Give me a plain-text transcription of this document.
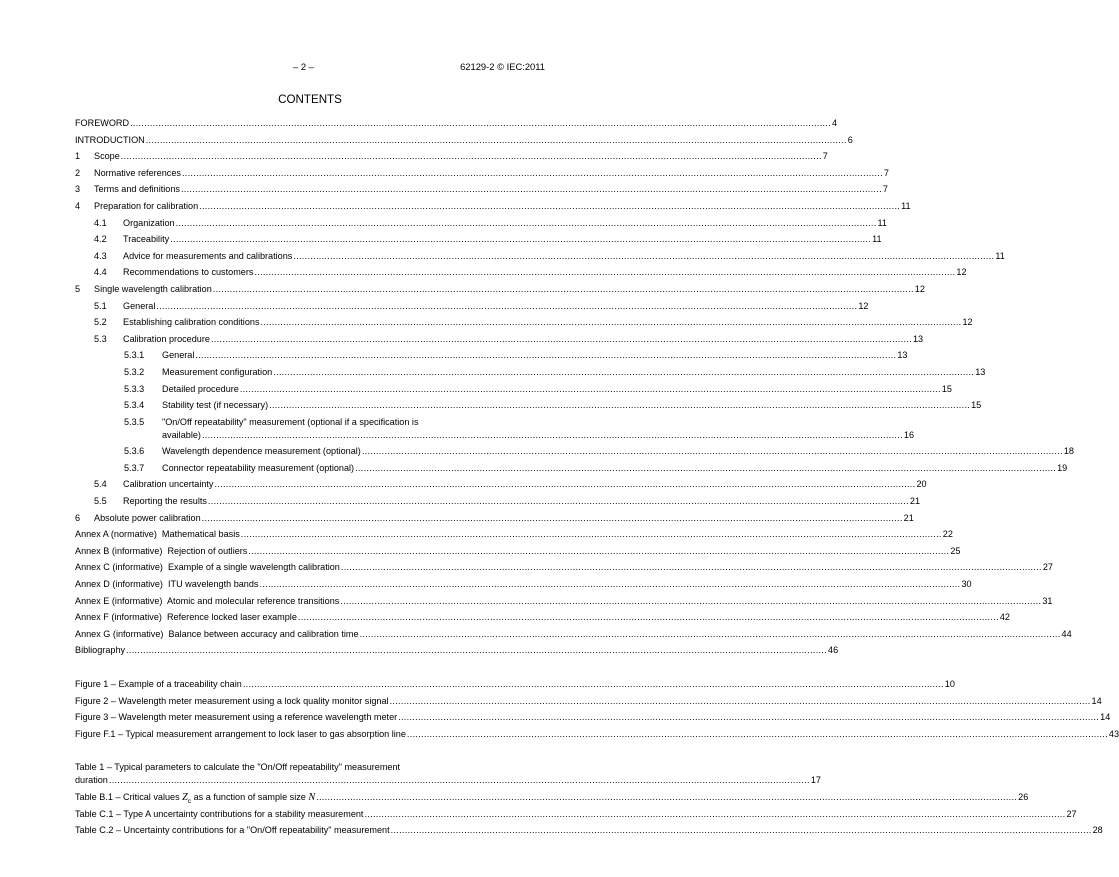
– 2 –	62129-2 © IEC:2011
CONTENTS
FOREWORD .....	4
INTRODUCTION .....	6
1	Scope .....	7
2	Normative references .....	7
3	Terms and definitions .....	7
4	Preparation for calibration .....	11
4.1	Organization .....	11
4.2	Traceability .....	11
4.3	Advice for measurements and calibrations .....	11
4.4	Recommendations to customers .....	12
5	Single wavelength calibration .....	12
5.1	General .....	12
5.2	Establishing calibration conditions .....	12
5.3	Calibration procedure .....	13
5.3.1	General .....	13
5.3.2	Measurement configuration .....	13
5.3.3	Detailed procedure .....	15
5.3.4	Stability test (if necessary) .....	15
5.3.5	"On/Off repeatability" measurement (optional if a specification is
available) .....	16
5.3.6	Wavelength dependence measurement (optional) .....	18
5.3.7	Connector repeatability measurement (optional) .....	19
5.4	Calibration uncertainty .....	20
5.5	Reporting the results .....	21
6	Absolute power calibration .....	21
Annex A (normative)  Mathematical basis .....	22
Annex B (informative)  Rejection of outliers .....	25
Annex C (informative)  Example of a single wavelength calibration .....	27
Annex D (informative)  ITU wavelength bands .....	30
Annex E (informative)  Atomic and molecular reference transitions .....	31
Annex F (informative)  Reference locked laser example .....	42
Annex G (informative)  Balance between accuracy and calibration time .....	44
Bibliography .....	46
Figure 1 – Example of a traceability chain .....	10
Figure 2 – Wavelength meter measurement using a lock quality monitor signal .....	14
Figure 3 – Wavelength meter measurement using a reference wavelength meter .....	14
Figure F.1 – Typical measurement arrangement to lock laser to gas absorption line .....	43
Table 1 – Typical parameters to calculate the "On/Off repeatability" measurement
duration .....	17
Table B.1 – Critical values $Z_c$ as a function of sample size N .....	26
Table C.1 – Type A uncertainty contributions for a stability measurement .....	27
Table C.2 – Uncertainty contributions for a "On/Off repeatability" measurement .....	28
